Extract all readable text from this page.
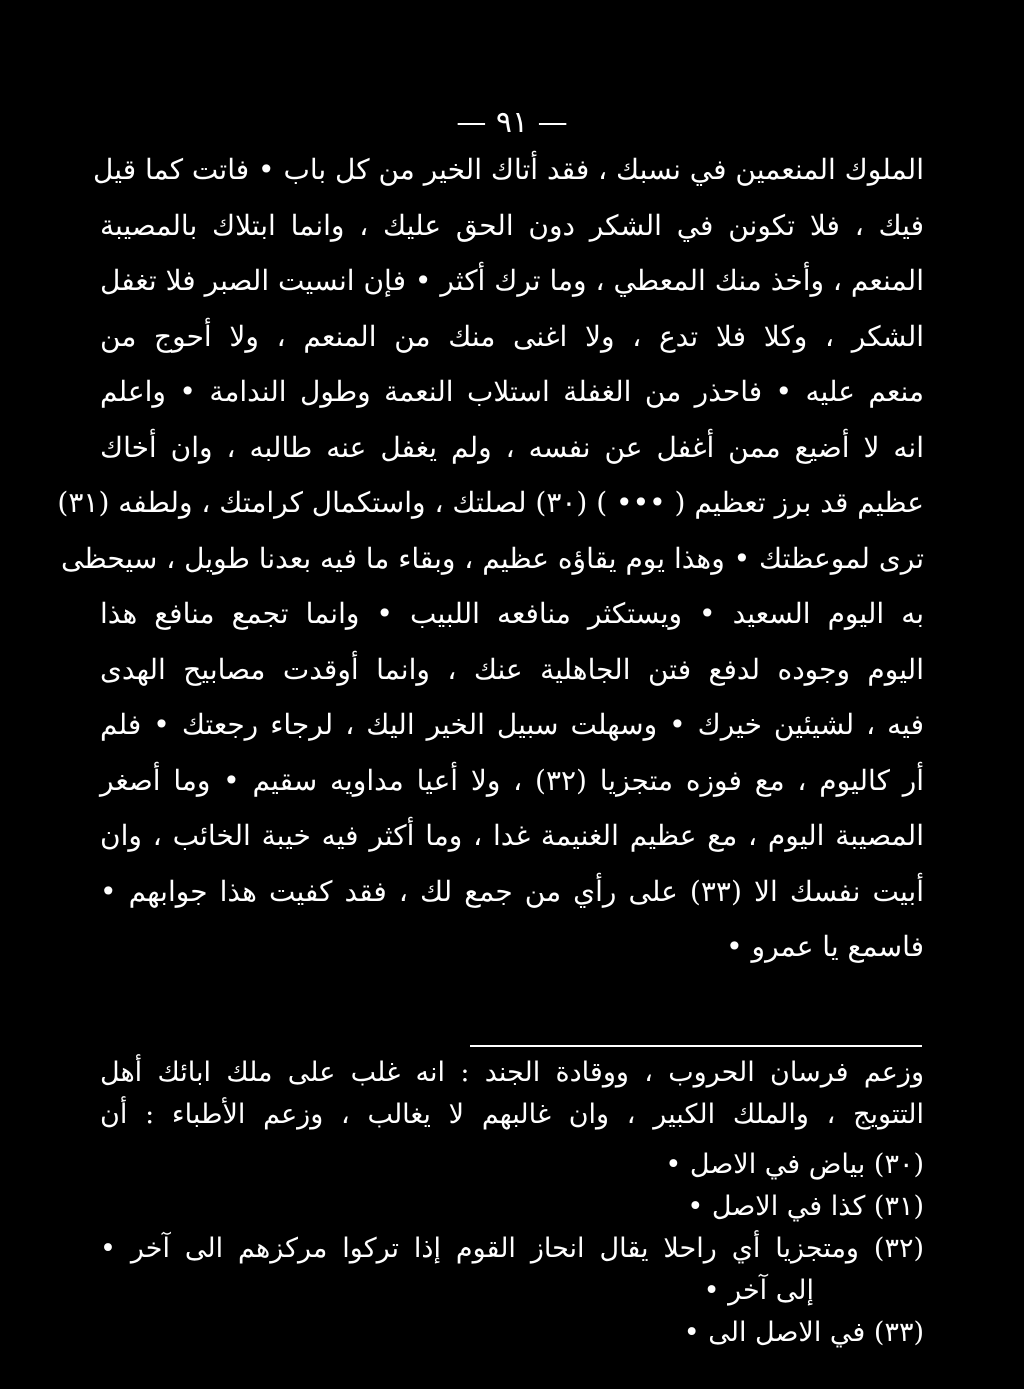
— ٩١ —
الملوك المنعمين في نسبك ، فقد أتاك الخير من كل باب • فاتت كما قيل
فيك ، فلا تكونن في الشكر دون الحق عليك ، وانما ابتلاك بالمصيبة
المنعم ، وأخذ منك المعطي ، وما ترك أكثر • فإن انسيت الصبر فلا تغفل
الشكر ، وكلا فلا تدع ، ولا اغنى منك من المنعم ، ولا أحوج من
منعم عليه • فاحذر من الغفلة استلاب النعمة وطول الندامة • واعلم
انه لا أضيع ممن أغفل عن نفسه ، ولم يغفل عنه طالبه ، وان أخاك
عظيم قد برز تعظيم ( ••• ) (٣٠) لصلتك ، واستكمال كرامتك ، ولطفه (٣١)
ترى لموعظتك • وهذا يوم يقاؤه عظيم ، وبقاء ما فيه بعدنا طويل ، سيحظى
به اليوم السعيد • ويستكثر منافعه اللبيب • وانما تجمع منافع هذا
اليوم وجوده لدفع فتن الجاهلية عنك ، وانما أوقدت مصابيح الهدى
فيه ، لشيئين خيرك • وسهلت سبيل الخير اليك ، لرجاء رجعتك • فلم
أر كاليوم ، مع فوزه متجزيا (٣٢) ، ولا أعيا مداويه سقيم • وما أصغر
المصيبة اليوم ، مع عظيم الغنيمة غدا ، وما أكثر فيه خيبة الخائب ، وان
أبيت نفسك الا (٣٣) على رأي من جمع لك ، فقد كفيت هذا جوابهم •
فاسمع يا عمرو •
وزعم فرسان الحروب ، ووقادة الجند : انه غلب على ملك ابائك أهل
التتويج ، والملك الكبير ، وان غالبهم لا يغالب ، وزعم الأطباء : أن
(٣٠) بياض في الاصل •
(٣١) كذا في الاصل •
(٣٢) ومتجزيا أي راحلا يقال انحاز القوم إذا تركوا مركزهم الى آخر •
إلى آخر •
(٣٣) في الاصل الى •
